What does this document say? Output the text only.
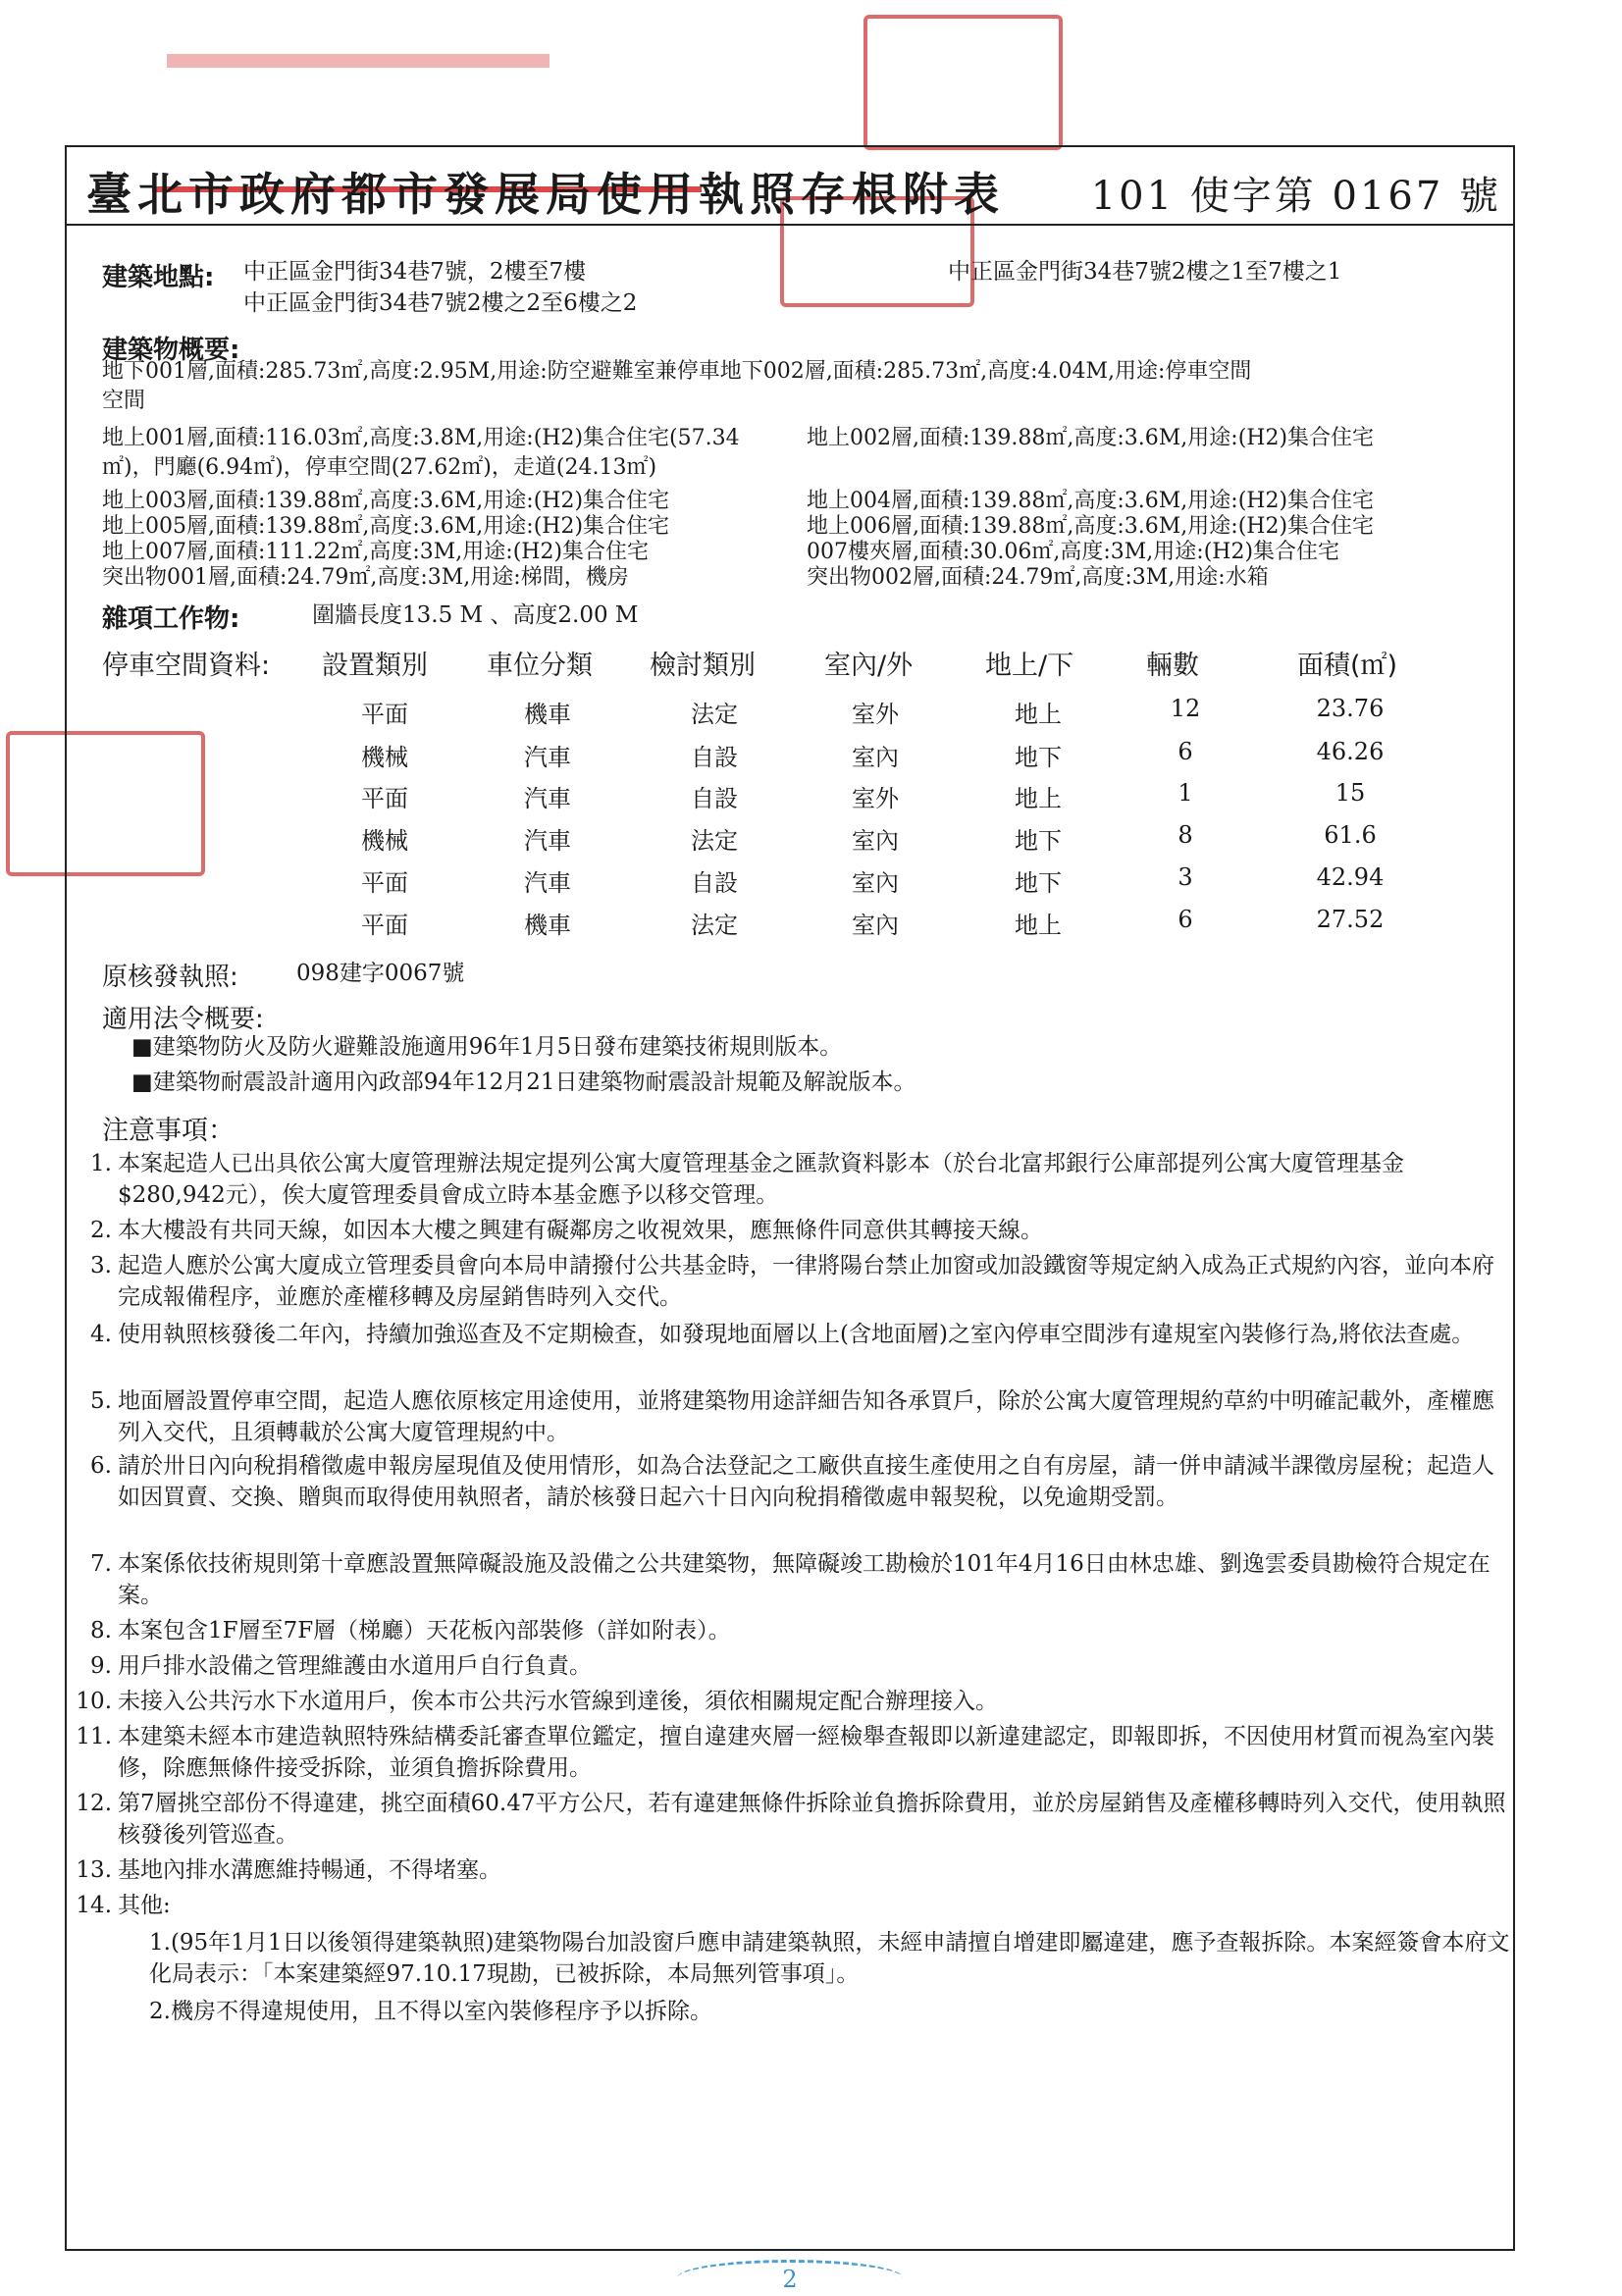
臺北市政府都市發展局使用執照存根附表 101 使字第 0167 號
建築地點: 中正區金門街34巷7號，2樓至7樓	中正區金門街34巷7號2樓之1至7樓之1
中正區金門街34巷7號2樓之2至6樓之2
建築物概要:
地下001層,面積:285.73㎡,高度:2.95M,用途:防空避難室兼停車地下002層,面積:285.73㎡,高度:4.04M,用途:停車空間
空間
地上001層,面積:116.03㎡,高度:3.8M,用途:(H2)集合住宅(57.34	地上002層,面積:139.88㎡,高度:3.6M,用途:(H2)集合住宅
㎡)，門廳(6.94㎡)，停車空間(27.62㎡)，走道(24.13㎡)
地上003層,面積:139.88㎡,高度:3.6M,用途:(H2)集合住宅	地上004層,面積:139.88㎡,高度:3.6M,用途:(H2)集合住宅
地上005層,面積:139.88㎡,高度:3.6M,用途:(H2)集合住宅	地上006層,面積:139.88㎡,高度:3.6M,用途:(H2)集合住宅
地上007層,面積:111.22㎡,高度:3M,用途:(H2)集合住宅	007樓夾層,面積:30.06㎡,高度:3M,用途:(H2)集合住宅
突出物001層,面積:24.79㎡,高度:3M,用途:梯間，機房	突出物002層,面積:24.79㎡,高度:3M,用途:水箱
雜項工作物:	圍牆長度13.5 M 、高度2.00 M
停車空間資料: 設置類別 車位分類 檢討類別	室內/外	地上/下	輛數	面積(㎡)
平面	機車	法定	室外	地上	12	23.76
機械	汽車	自設	室內	地下	6	46.26
平面	汽車	自設	室外	地上	1	15
機械	汽車	法定	室內	地下	8	61.6
平面	汽車	自設	室內	地下	3	42.94
平面	機車	法定	室內	地上	6	27.52
原核發執照:	098建字0067號
適用法令概要:
■建築物防火及防火避難設施適用96年1月5日發布建築技術規則版本。
■建築物耐震設計適用內政部94年12月21日建築物耐震設計規範及解說版本。
注意事項：
1. 本案起造人已出具依公寓大廈管理辦法規定提列公寓大廈管理基金之匯款資料影本（於台北富邦銀行公庫部提列公寓大廈管理基金 $280,942元），俟大廈管理委員會成立時本基金應予以移交管理。
2. 本大樓設有共同天線，如因本大樓之興建有礙鄰房之收視效果，應無條件同意供其轉接天線。
3. 起造人應於公寓大廈成立管理委員會向本局申請撥付公共基金時，一律將陽台禁止加窗或加設鐵窗等規定納入成為正式規約內容，並向本府完成報備程序，並應於產權移轉及房屋銷售時列入交代。
4. 使用執照核發後二年內，持續加強巡查及不定期檢查，如發現地面層以上(含地面層)之室內停車空間涉有違規室內裝修行為,將依法查處。
5. 地面層設置停車空間，起造人應依原核定用途使用，並將建築物用途詳細告知各承買戶，除於公寓大廈管理規約草約中明確記載外，產權應列入交代，且須轉載於公寓大廈管理規約中。
6. 請於卅日內向稅捐稽徵處申報房屋現值及使用情形，如為合法登記之工廠供直接生產使用之自有房屋，請一併申請減半課徵房屋稅；起造人如因買賣、交換、贈與而取得使用執照者，請於核發日起六十日內向稅捐稽徵處申報契稅，以免逾期受罰。
7. 本案係依技術規則第十章應設置無障礙設施及設備之公共建築物，無障礙竣工勘檢於101年4月16日由林忠雄、劉逸雲委員勘檢符合規定在案。
8. 本案包含1F層至7F層（梯廳）天花板內部裝修（詳如附表）。
9. 用戶排水設備之管理維護由水道用戶自行負責。
10. 未接入公共污水下水道用戶，俟本市公共污水管線到達後，須依相關規定配合辦理接入。
11. 本建築未經本市建造執照特殊結構委託審查單位鑑定，擅自違建夾層一經檢舉查報即以新違建認定，即報即拆，不因使用材質而視為室內裝修，除應無條件接受拆除，並須負擔拆除費用。
12. 第7層挑空部份不得違建，挑空面積60.47平方公尺，若有違建無條件拆除並負擔拆除費用，並於房屋銷售及產權移轉時列入交代，使用執照核發後列管巡查。
13. 基地內排水溝應維持暢通，不得堵塞。
14. 其他:
1.(95年1月1日以後領得建築執照)建築物陽台加設窗戶應申請建築執照，未經申請擅自增建即屬違建，應予查報拆除。本案經簽會本府文化局表示：「本案建築經97.10.17現勘，已被拆除，本局無列管事項」。
2.機房不得違規使用，且不得以室內裝修程序予以拆除。
2
